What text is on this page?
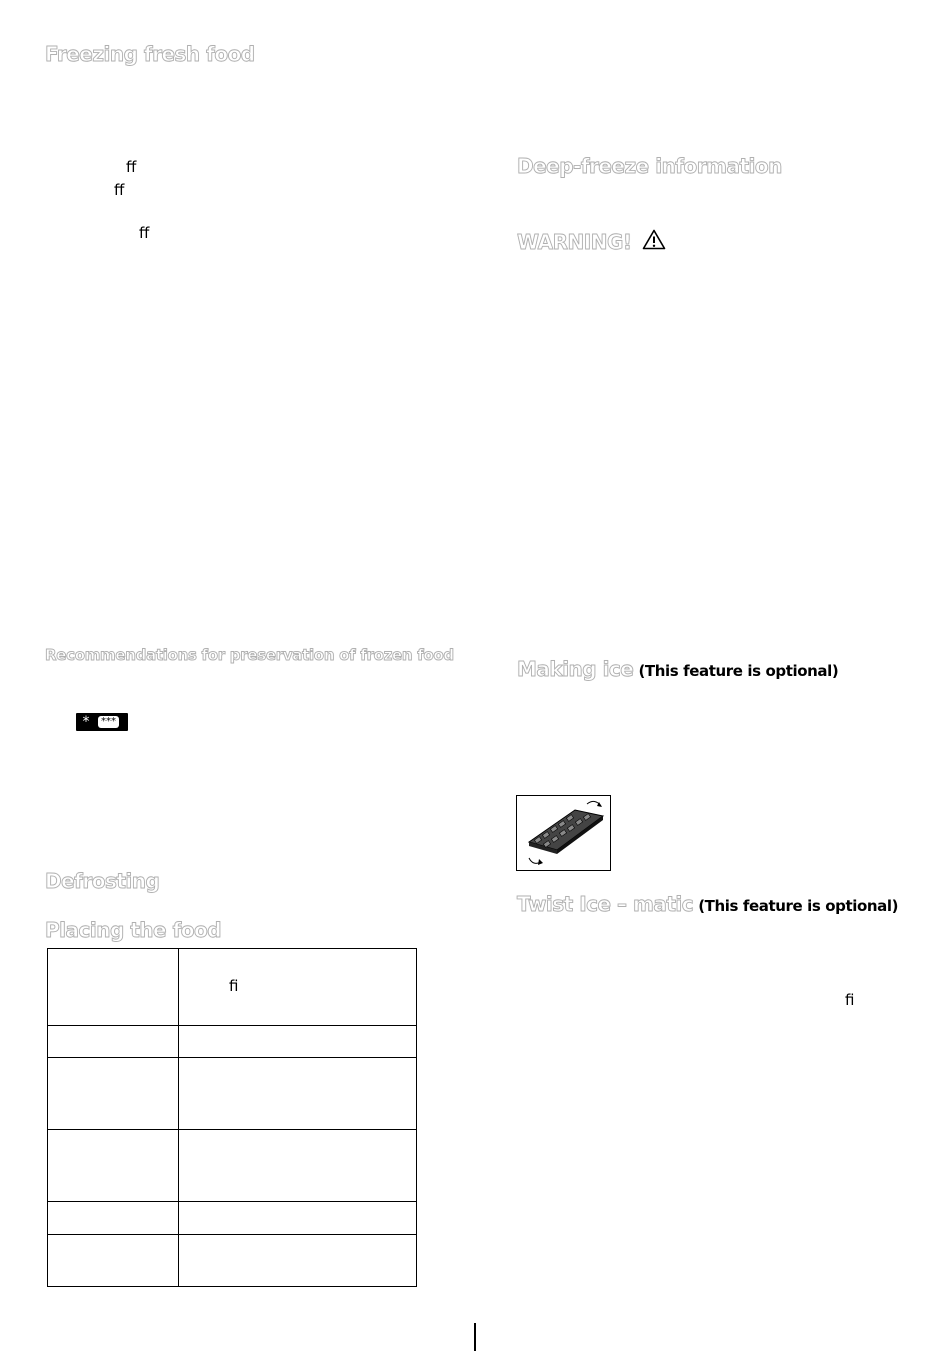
Freezing fresh food
ﬀ
ﬀ
ﬀ
Recommendations for preservation of frozen food
*	***
Defrosting
Placing the food

	ﬁ

Deep-freeze information
WARNING!
Making ice (This feature is optional)
Twist Ice – matic (This feature is optional)
ﬁ
